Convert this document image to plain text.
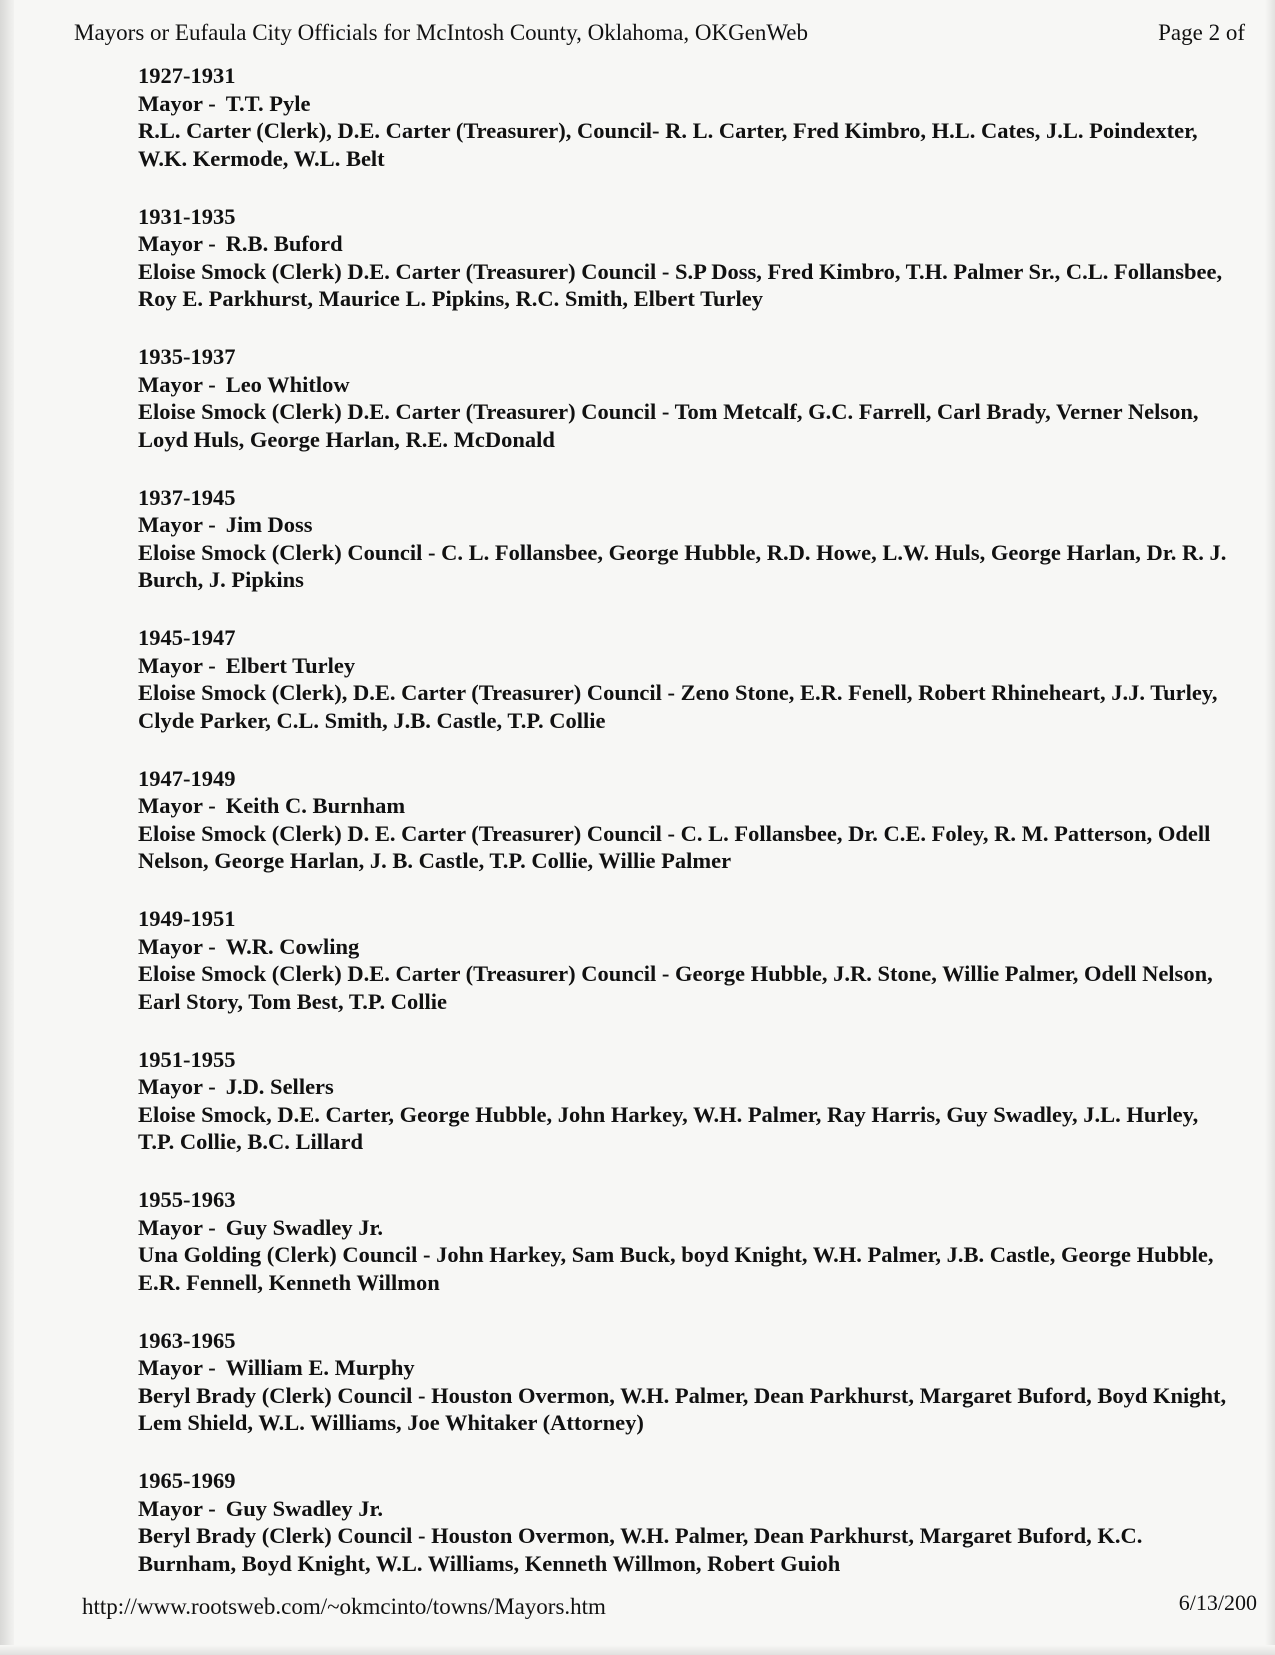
Mayors or Eufaula City Officials for McIntosh County, Oklahoma, OKGenWeb	Page 2 of
1927-1931
Mayor - T.T. Pyle
R.L. Carter (Clerk), D.E. Carter (Treasurer), Council- R. L. Carter, Fred Kimbro, H.L. Cates, J.L. Poindexter, W.K. Kermode, W.L. Belt
1931-1935
Mayor - R.B. Buford
Eloise Smock (Clerk) D.E. Carter (Treasurer) Council - S.P Doss, Fred Kimbro, T.H. Palmer Sr., C.L. Follansbee, Roy E. Parkhurst, Maurice L. Pipkins, R.C. Smith, Elbert Turley
1935-1937
Mayor - Leo Whitlow
Eloise Smock (Clerk) D.E. Carter (Treasurer) Council - Tom Metcalf, G.C. Farrell, Carl Brady, Verner Nelson, Loyd Huls, George Harlan, R.E. McDonald
1937-1945
Mayor - Jim Doss
Eloise Smock (Clerk) Council - C. L. Follansbee, George Hubble, R.D. Howe, L.W. Huls, George Harlan, Dr. R. J. Burch, J. Pipkins
1945-1947
Mayor - Elbert Turley
Eloise Smock (Clerk), D.E. Carter (Treasurer) Council - Zeno Stone, E.R. Fenell, Robert Rhineheart, J.J. Turley, Clyde Parker, C.L. Smith, J.B. Castle, T.P. Collie
1947-1949
Mayor - Keith C. Burnham
Eloise Smock (Clerk) D. E. Carter (Treasurer) Council - C. L. Follansbee, Dr. C.E. Foley, R. M. Patterson, Odell Nelson, George Harlan, J. B. Castle, T.P. Collie, Willie Palmer
1949-1951
Mayor - W.R. Cowling
Eloise Smock (Clerk) D.E. Carter (Treasurer) Council - George Hubble, J.R. Stone, Willie Palmer, Odell Nelson, Earl Story, Tom Best, T.P. Collie
1951-1955
Mayor - J.D. Sellers
Eloise Smock, D.E. Carter, George Hubble, John Harkey, W.H. Palmer, Ray Harris, Guy Swadley, J.L. Hurley, T.P. Collie, B.C. Lillard
1955-1963
Mayor - Guy Swadley Jr.
Una Golding (Clerk) Council - John Harkey, Sam Buck, boyd Knight, W.H. Palmer, J.B. Castle, George Hubble, E.R. Fennell, Kenneth Willmon
1963-1965
Mayor - William E. Murphy
Beryl Brady (Clerk) Council - Houston Overmon, W.H. Palmer, Dean Parkhurst, Margaret Buford, Boyd Knight, Lem Shield, W.L. Williams, Joe Whitaker (Attorney)
1965-1969
Mayor - Guy Swadley Jr.
Beryl Brady (Clerk) Council - Houston Overmon, W.H. Palmer, Dean Parkhurst, Margaret Buford, K.C. Burnham, Boyd Knight, W.L. Williams, Kenneth Willmon, Robert Guioh
http://www.rootsweb.com/~okmcinto/towns/Mayors.htm	6/13/200
